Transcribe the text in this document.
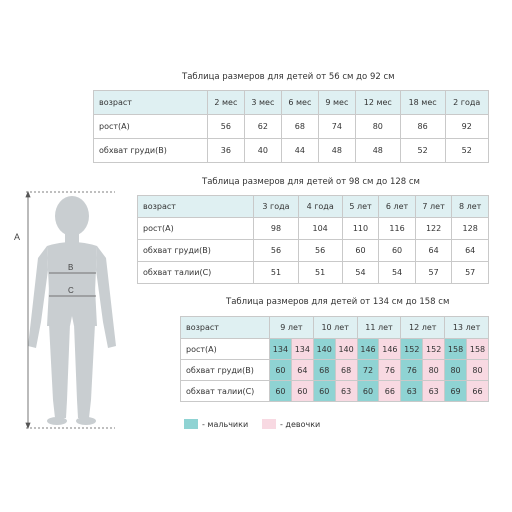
A
B
C
Таблица размеров для детей от 56 см до 92 см
возраст	2 мес	3 мес	6 мес	9 мес	12 мес	18 мес	2 года
рост(А)	56	62	68	74	80	86	92
обхват груди(В)	36	40	44	48	48	52	52
Таблица размеров для детей от 98 см до 128 см
возраст	3 года	4 года	5 лет	6 лет	7 лет	8 лет
рост(А)	98	104	110	116	122	128
обхват груди(В)	56	56	60	60	64	64
обхват талии(С)	51	51	54	54	57	57
Таблица размеров для детей от 134 см до 158 см
возраст	9 лет		10 лет		11 лет		12 лет		13 лет	
рост(А)	134	134	140	140	146	146	152	152	158	158
обхват груди(В)	60	64	68	68	72	76	76	80	80	80
обхват талии(С)	60	60	60	63	60	66	63	63	69	66
- мальчики	- девочки
